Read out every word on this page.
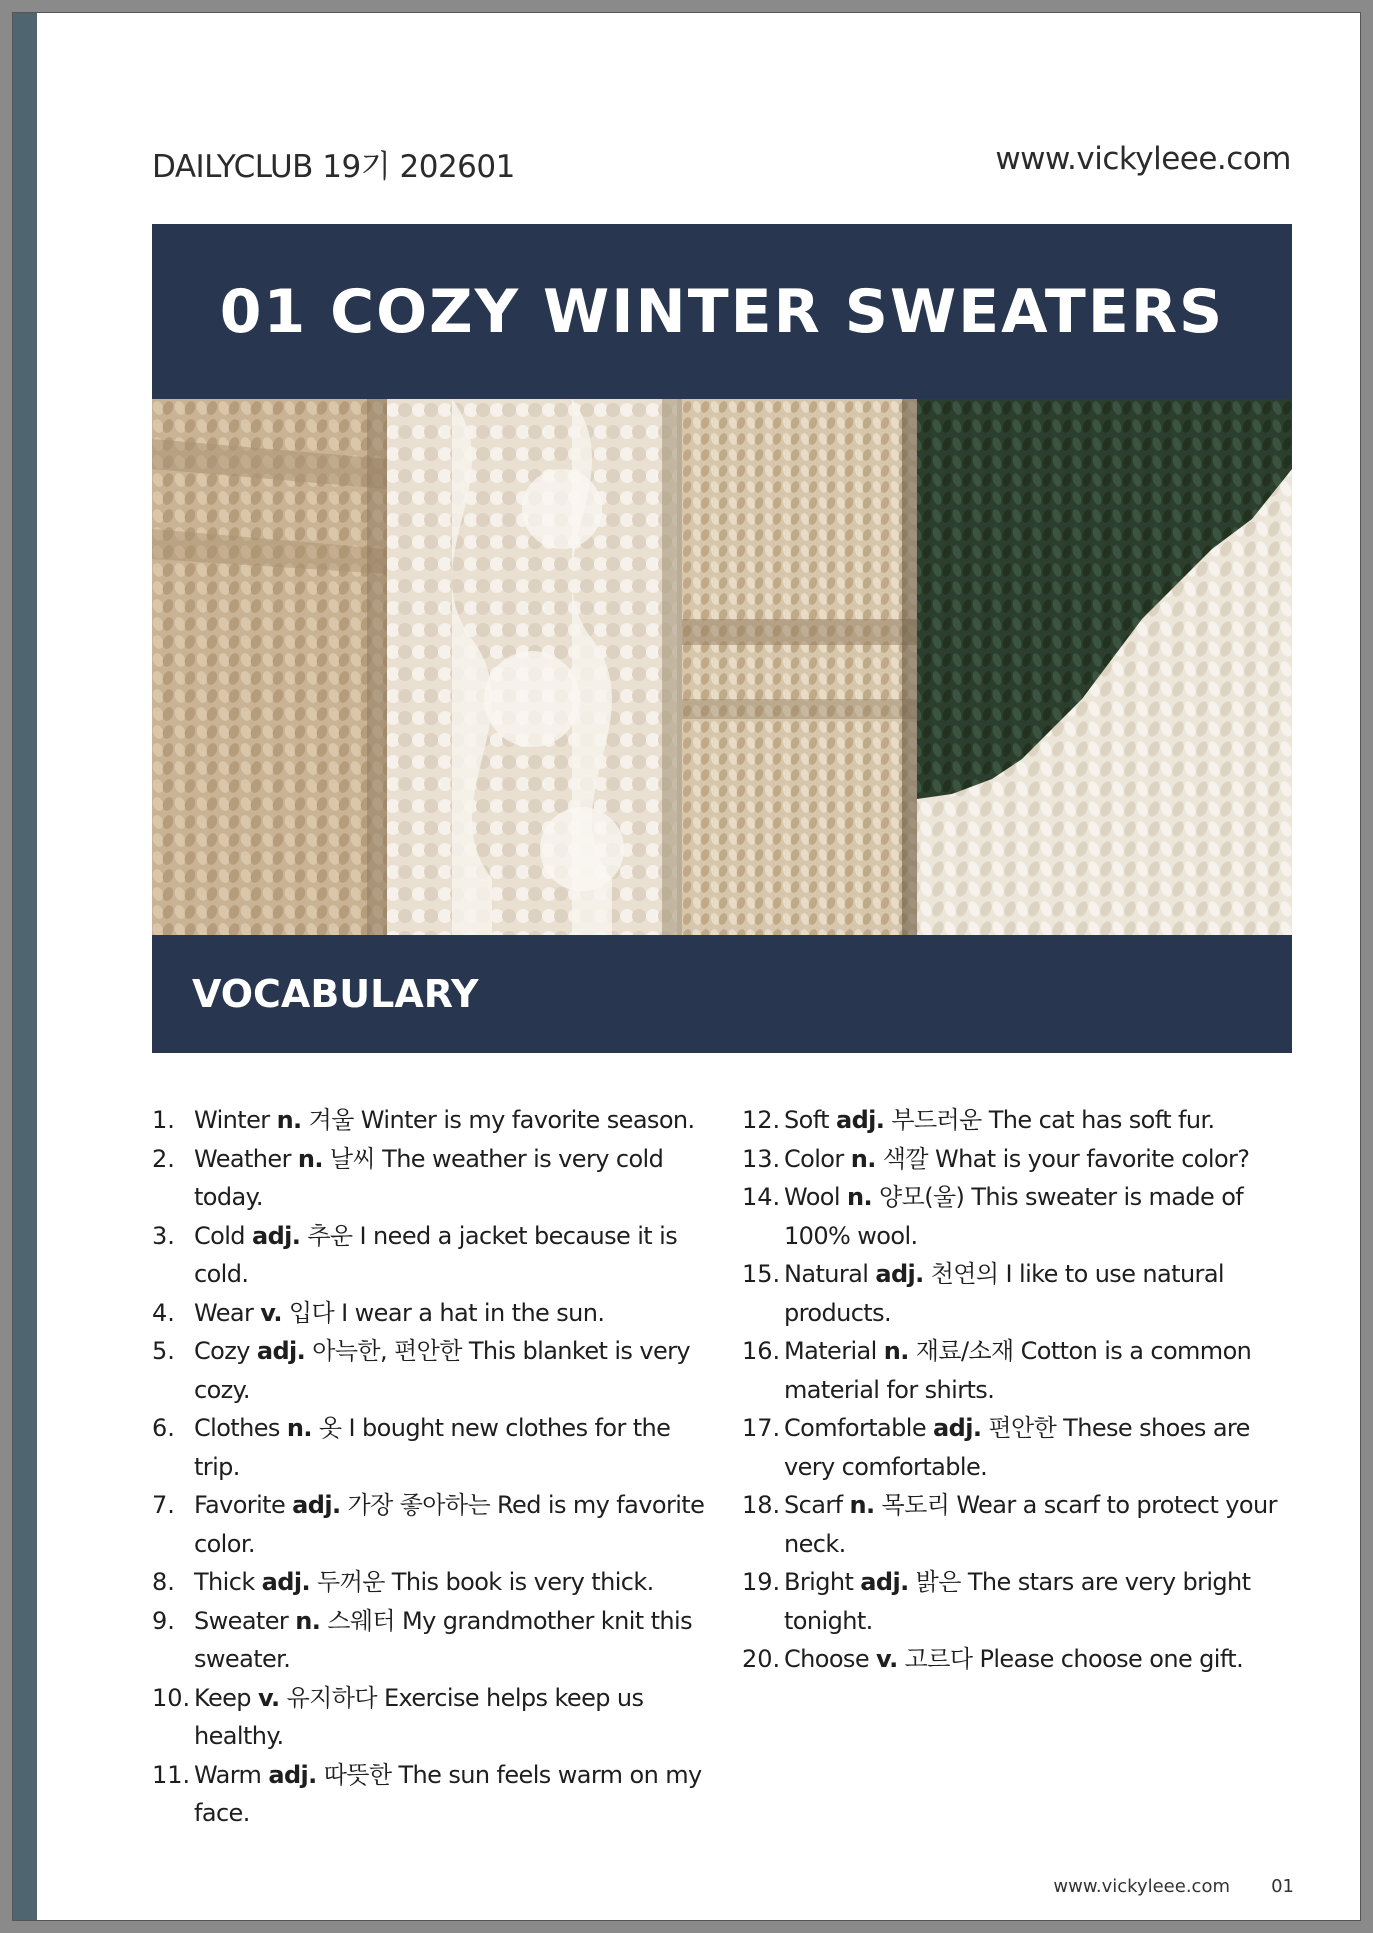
DAILYCLUB 19기 202601	www.vickyleee.com
01 COZY WINTER SWEATERS
VOCABULARY
1. Winter n. 겨울 Winter is my favorite season.
2. Weather n. 날씨 The weather is very cold today.
3. Cold adj. 추운 I need a jacket because it is cold.
4. Wear v. 입다 I wear a hat in the sun.
5. Cozy adj. 아늑한, 편안한 This blanket is very cozy.
6. Clothes n. 옷 I bought new clothes for the trip.
7. Favorite adj. 가장 좋아하는 Red is my favorite color.
8. Thick adj. 두꺼운 This book is very thick.
9. Sweater n. 스웨터 My grandmother knit this sweater.
10. Keep v. 유지하다 Exercise helps keep us healthy.
11. Warm adj. 따뜻한 The sun feels warm on my face.
12. Soft adj. 부드러운 The cat has soft fur.
13. Color n. 색깔 What is your favorite color?
14. Wool n. 양모(울) This sweater is made of 100% wool.
15. Natural adj. 천연의 I like to use natural products.
16. Material n. 재료/소재 Cotton is a common material for shirts.
17. Comfortable adj. 편안한 These shoes are very comfortable.
18. Scarf n. 목도리 Wear a scarf to protect your neck.
19. Bright adj. 밝은 The stars are very bright tonight.
20. Choose v. 고르다 Please choose one gift.
www.vickyleee.com 01
